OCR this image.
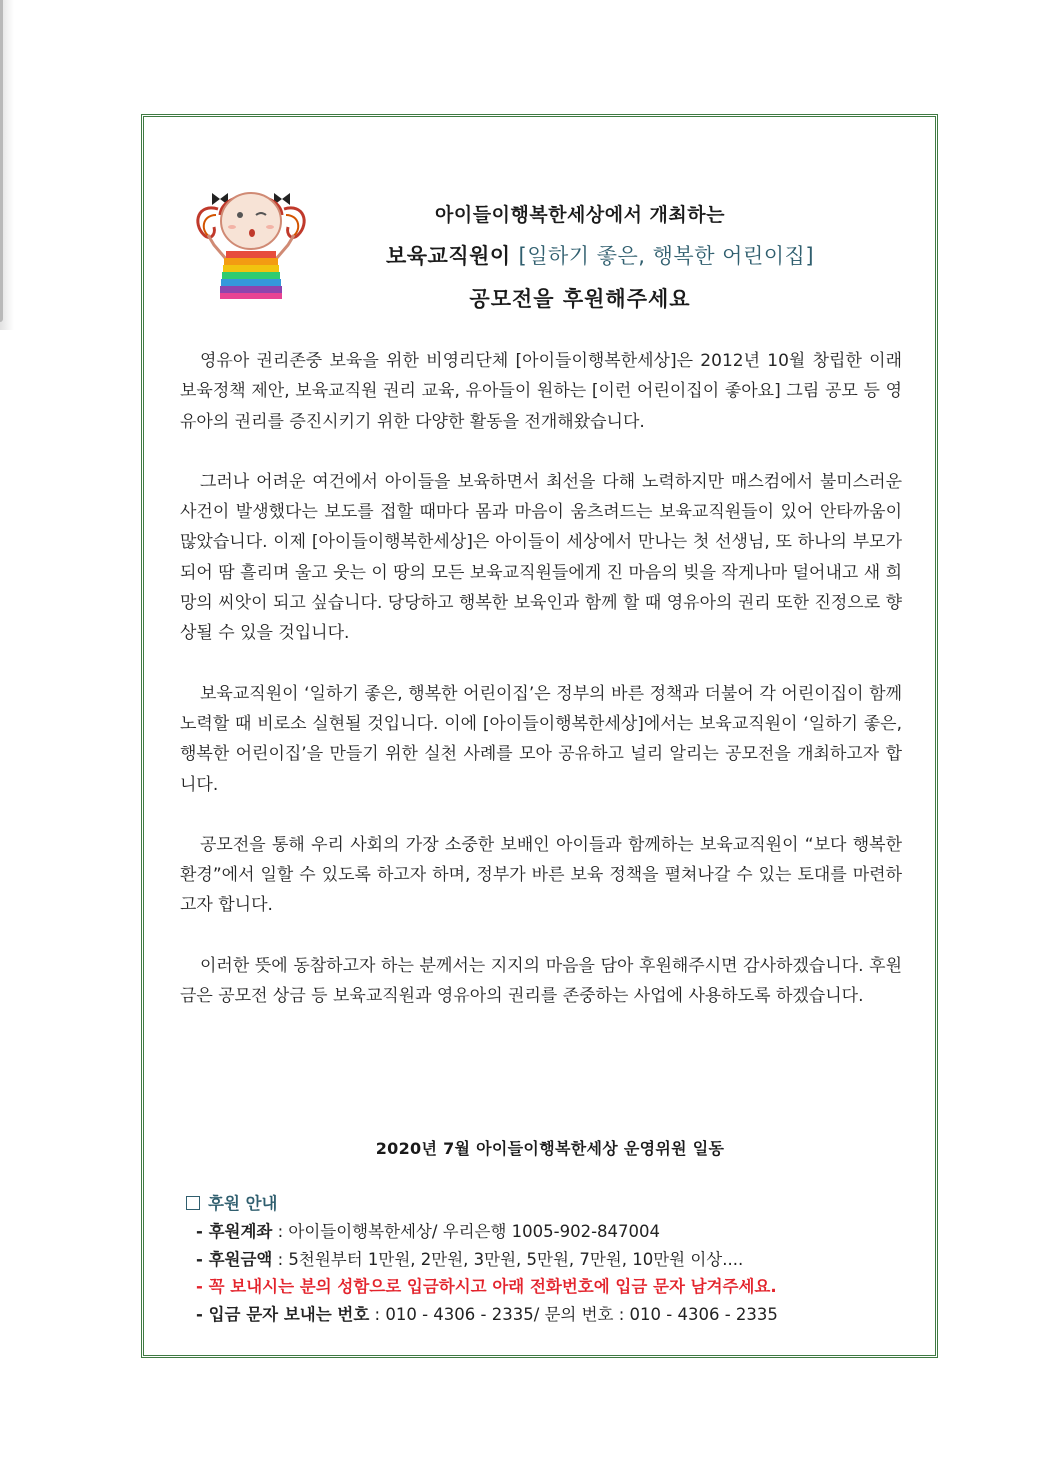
아이들이행복한세상에서 개최하는
보육교직원이 [일하기 좋은, 행복한 어린이집]
공모전을 후원해주세요

영유아 권리존중 보육을 위한 비영리단체 [아이들이행복한세상]은 2012년 10월 창립한 이래 보육정책 제안, 보육교직원 권리 교육, 유아들이 원하는 [이런 어린이집이 좋아요] 그림 공모 등 영유아의 권리를 증진시키기 위한 다양한 활동을 전개해왔습니다.

그러나 어려운 여건에서 아이들을 보육하면서 최선을 다해 노력하지만 매스컴에서 불미스러운 사건이 발생했다는 보도를 접할 때마다 몸과 마음이 움츠려드는 보육교직원들이 있어 안타까움이 많았습니다. 이제 [아이들이행복한세상]은 아이들이 세상에서 만나는 첫 선생님, 또 하나의 부모가 되어 땀 흘리며 울고 웃는 이 땅의 모든 보육교직원들에게 진 마음의 빚을 작게나마 덜어내고 새 희망의 씨앗이 되고 싶습니다. 당당하고 행복한 보육인과 함께 할 때 영유아의 권리 또한 진정으로 향상될 수 있을 것입니다.

보육교직원이 ‘일하기 좋은, 행복한 어린이집’은 정부의 바른 정책과 더불어 각 어린이집이 함께 노력할 때 비로소 실현될 것입니다. 이에 [아이들이행복한세상]에서는 보육교직원이 ‘일하기 좋은, 행복한 어린이집’을 만들기 위한 실천 사례를 모아 공유하고 널리 알리는 공모전을 개최하고자 합니다.

공모전을 통해 우리 사회의 가장 소중한 보배인 아이들과 함께하는 보육교직원이 “보다 행복한 환경”에서 일할 수 있도록 하고자 하며, 정부가 바른 보육 정책을 펼쳐나갈 수 있는 토대를 마련하고자 합니다.

이러한 뜻에 동참하고자 하는 분께서는 지지의 마음을 담아 후원해주시면 감사하겠습니다. 후원금은 공모전 상금 등 보육교직원과 영유아의 권리를 존중하는 사업에 사용하도록 하겠습니다.

2020년 7월 아이들이행복한세상 운영위원 일동
후원 안내
- 후원계좌 : 아이들이행복한세상/ 우리은행 1005-902-847004
- 후원금액 : 5천원부터 1만원, 2만원, 3만원, 5만원, 7만원, 10만원 이상....
- 꼭 보내시는 분의 성함으로 입금하시고 아래 전화번호에 입금 문자 남겨주세요.
- 입금 문자 보내는 번호 : 010 - 4306 - 2335/ 문의 번호 : 010 - 4306 - 2335
